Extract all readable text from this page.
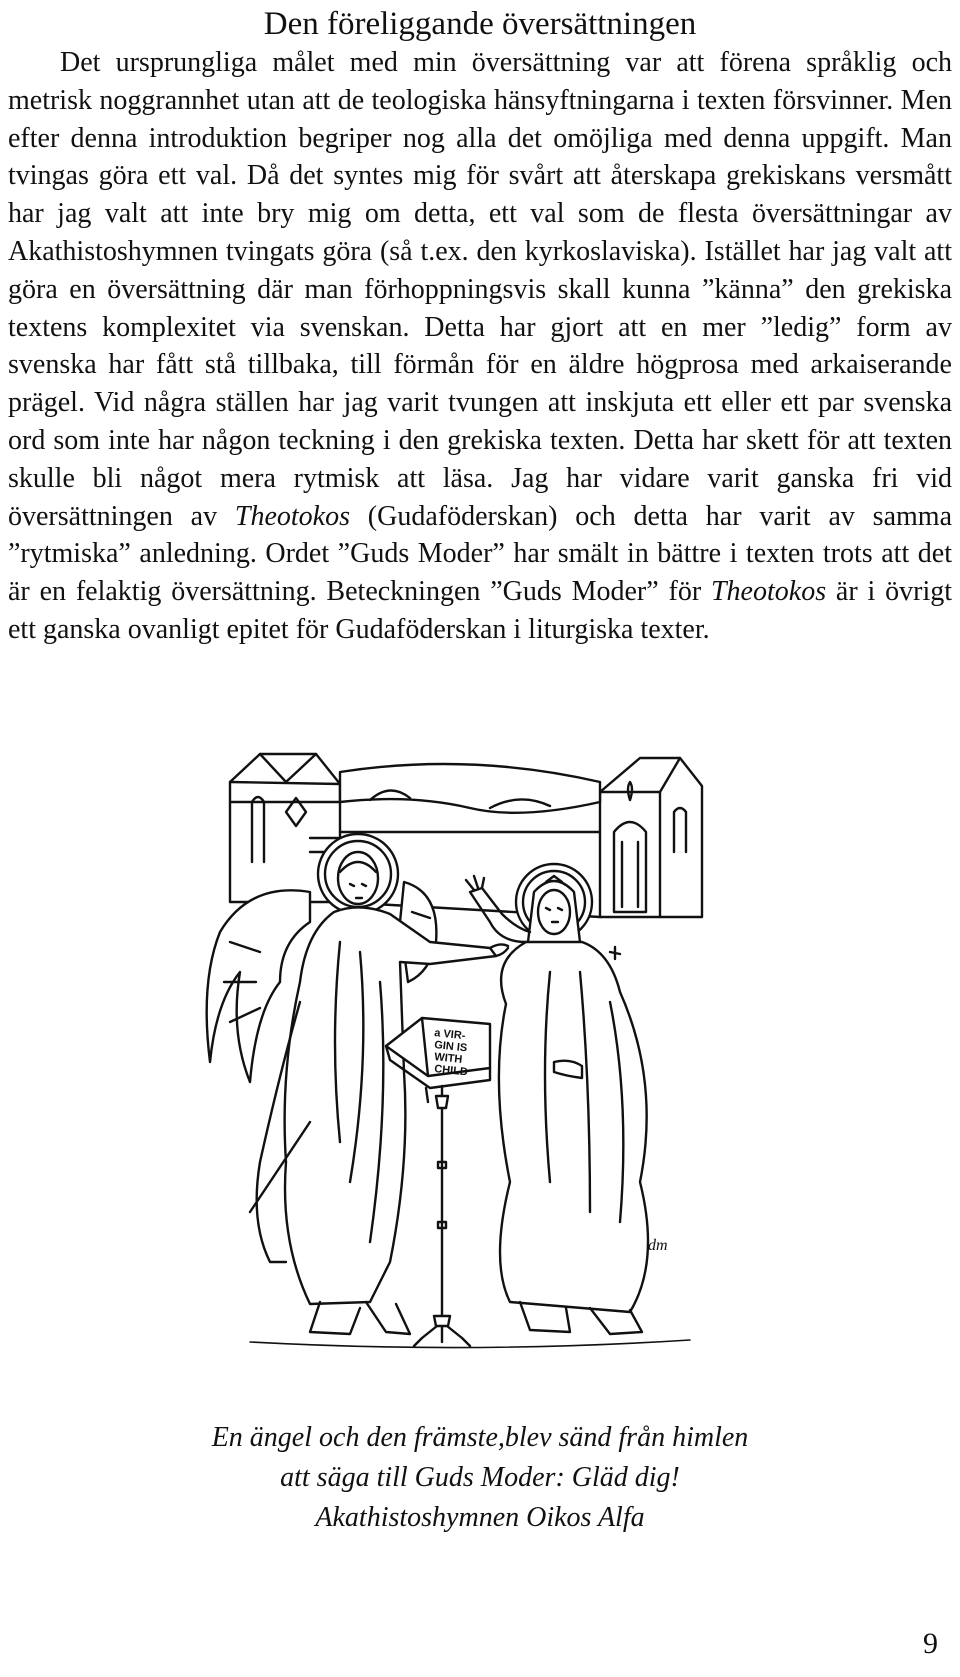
Den föreliggande översättningen
Det ursprungliga målet med min översättning var att förena språklig och metrisk noggrannhet utan att de teologiska hänsyftningarna i texten försvinner. Men efter denna introduktion begriper nog alla det omöjliga med denna uppgift. Man tvingas göra ett val. Då det syntes mig för svårt att återskapa grekiskans versmått har jag valt att inte bry mig om detta, ett val som de flesta översättningar av Akathistoshymnen tvingats göra (så t.ex. den kyrkoslaviska). Istället har jag valt att göra en översättning där man förhoppningsvis skall kunna ”känna” den grekiska textens komplexitet via svenskan. Detta har gjort att en mer ”ledig” form av svenska har fått stå tillbaka, till förmån för en äldre högprosa med arkaiserande prägel. Vid några ställen har jag varit tvungen att inskjuta ett eller ett par svenska ord som inte har någon teckning i den grekiska texten. Detta har skett för att texten skulle bli något mera rytmisk att läsa. Jag har vidare varit ganska fri vid översättningen av Theotokos (Gudaföderskan) och detta har varit av samma ”rytmiska” anledning. Ordet ”Guds Moder” har smält in bättre i texten trots att det är en felaktig översättning. Beteckningen ”Guds Moder” för Theotokos är i övrigt ett ganska ovanligt epitet för Gudaföderskan i liturgiska texter.
a VIR-
GIN IS
WITH
CHILD
dm
En ängel och den främste,blev sänd från himlen
att säga till Guds Moder: Gläd dig!
Akathistoshymnen Oikos Alfa
9
